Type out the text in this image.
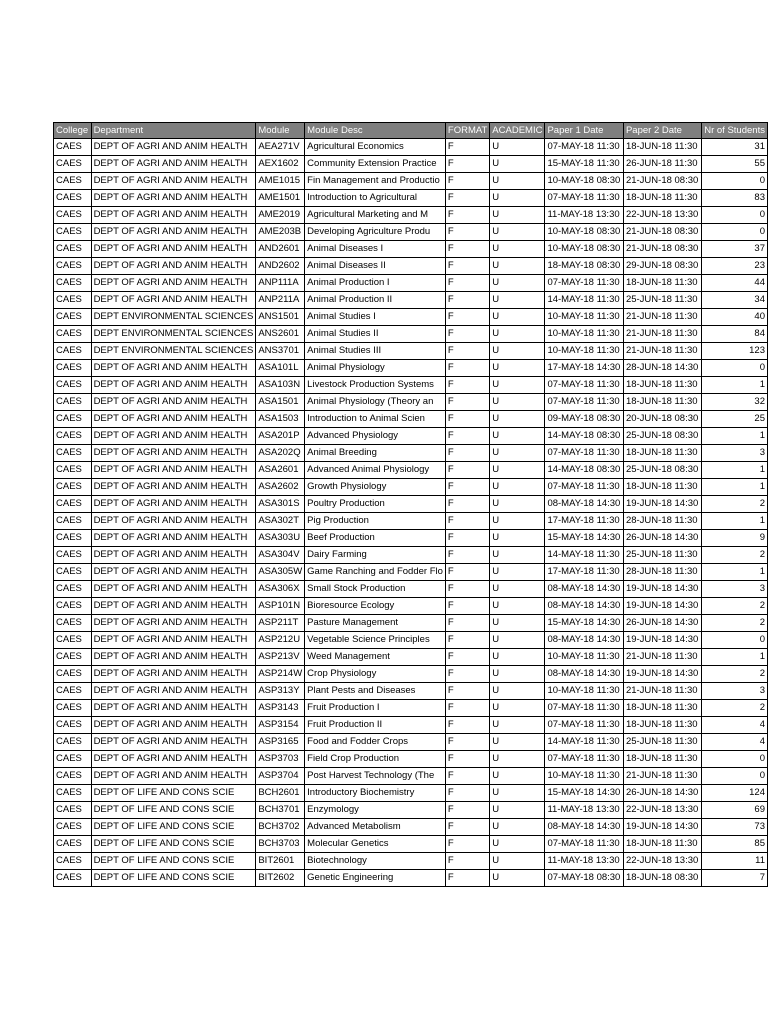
College	Department	Module	Module Desc	FORMAT	ACADEMIC	Paper 1 Date	Paper 2 Date	Nr of Students
CAES	DEPT OF AGRI AND ANIM HEALTH	AEA271V	Agricultural Economics	F	U	07-MAY-18 11:30	18-JUN-18 11:30	31
CAES	DEPT OF AGRI AND ANIM HEALTH	AEX1602	Community Extension Practice	F	U	15-MAY-18 11:30	26-JUN-18 11:30	55
CAES	DEPT OF AGRI AND ANIM HEALTH	AME1015	Fin Management and Productio	F	U	10-MAY-18 08:30	21-JUN-18 08:30	0
CAES	DEPT OF AGRI AND ANIM HEALTH	AME1501	Introduction to Agricultural	F	U	07-MAY-18 11:30	18-JUN-18 11:30	83
CAES	DEPT OF AGRI AND ANIM HEALTH	AME2019	Agricultural Marketing and M	F	U	11-MAY-18 13:30	22-JUN-18 13:30	0
CAES	DEPT OF AGRI AND ANIM HEALTH	AME203B	Developing Agriculture Produ	F	U	10-MAY-18 08:30	21-JUN-18 08:30	0
CAES	DEPT OF AGRI AND ANIM HEALTH	AND2601	Animal Diseases I	F	U	10-MAY-18 08:30	21-JUN-18 08:30	37
CAES	DEPT OF AGRI AND ANIM HEALTH	AND2602	Animal Diseases II	F	U	18-MAY-18 08:30	29-JUN-18 08:30	23
CAES	DEPT OF AGRI AND ANIM HEALTH	ANP111A	Animal Production I	F	U	07-MAY-18 11:30	18-JUN-18 11:30	44
CAES	DEPT OF AGRI AND ANIM HEALTH	ANP211A	Animal Production II	F	U	14-MAY-18 11:30	25-JUN-18 11:30	34
CAES	DEPT ENVIRONMENTAL SCIENCES	ANS1501	Animal Studies I	F	U	10-MAY-18 11:30	21-JUN-18 11:30	40
CAES	DEPT ENVIRONMENTAL SCIENCES	ANS2601	Animal Studies II	F	U	10-MAY-18 11:30	21-JUN-18 11:30	84
CAES	DEPT ENVIRONMENTAL SCIENCES	ANS3701	Animal Studies III	F	U	10-MAY-18 11:30	21-JUN-18 11:30	123
CAES	DEPT OF AGRI AND ANIM HEALTH	ASA101L	Animal Physiology	F	U	17-MAY-18 14:30	28-JUN-18 14:30	0
CAES	DEPT OF AGRI AND ANIM HEALTH	ASA103N	Livestock Production Systems	F	U	07-MAY-18 11:30	18-JUN-18 11:30	1
CAES	DEPT OF AGRI AND ANIM HEALTH	ASA1501	Animal Physiology (Theory an	F	U	07-MAY-18 11:30	18-JUN-18 11:30	32
CAES	DEPT OF AGRI AND ANIM HEALTH	ASA1503	Introduction to Animal Scien	F	U	09-MAY-18 08:30	20-JUN-18 08:30	25
CAES	DEPT OF AGRI AND ANIM HEALTH	ASA201P	Advanced Physiology	F	U	14-MAY-18 08:30	25-JUN-18 08:30	1
CAES	DEPT OF AGRI AND ANIM HEALTH	ASA202Q	Animal Breeding	F	U	07-MAY-18 11:30	18-JUN-18 11:30	3
CAES	DEPT OF AGRI AND ANIM HEALTH	ASA2601	Advanced Animal Physiology	F	U	14-MAY-18 08:30	25-JUN-18 08:30	1
CAES	DEPT OF AGRI AND ANIM HEALTH	ASA2602	Growth Physiology	F	U	07-MAY-18 11:30	18-JUN-18 11:30	1
CAES	DEPT OF AGRI AND ANIM HEALTH	ASA301S	Poultry Production	F	U	08-MAY-18 14:30	19-JUN-18 14:30	2
CAES	DEPT OF AGRI AND ANIM HEALTH	ASA302T	Pig Production	F	U	17-MAY-18 11:30	28-JUN-18 11:30	1
CAES	DEPT OF AGRI AND ANIM HEALTH	ASA303U	Beef Production	F	U	15-MAY-18 14:30	26-JUN-18 14:30	9
CAES	DEPT OF AGRI AND ANIM HEALTH	ASA304V	Dairy Farming	F	U	14-MAY-18 11:30	25-JUN-18 11:30	2
CAES	DEPT OF AGRI AND ANIM HEALTH	ASA305W	Game Ranching and Fodder Flo	F	U	17-MAY-18 11:30	28-JUN-18 11:30	1
CAES	DEPT OF AGRI AND ANIM HEALTH	ASA306X	Small Stock Production	F	U	08-MAY-18 14:30	19-JUN-18 14:30	3
CAES	DEPT OF AGRI AND ANIM HEALTH	ASP101N	Bioresource Ecology	F	U	08-MAY-18 14:30	19-JUN-18 14:30	2
CAES	DEPT OF AGRI AND ANIM HEALTH	ASP211T	Pasture Management	F	U	15-MAY-18 14:30	26-JUN-18 14:30	2
CAES	DEPT OF AGRI AND ANIM HEALTH	ASP212U	Vegetable Science Principles	F	U	08-MAY-18 14:30	19-JUN-18 14:30	0
CAES	DEPT OF AGRI AND ANIM HEALTH	ASP213V	Weed Management	F	U	10-MAY-18 11:30	21-JUN-18 11:30	1
CAES	DEPT OF AGRI AND ANIM HEALTH	ASP214W	Crop Physiology	F	U	08-MAY-18 14:30	19-JUN-18 14:30	2
CAES	DEPT OF AGRI AND ANIM HEALTH	ASP313Y	Plant Pests and Diseases	F	U	10-MAY-18 11:30	21-JUN-18 11:30	3
CAES	DEPT OF AGRI AND ANIM HEALTH	ASP3143	Fruit Production I	F	U	07-MAY-18 11:30	18-JUN-18 11:30	2
CAES	DEPT OF AGRI AND ANIM HEALTH	ASP3154	Fruit Production II	F	U	07-MAY-18 11:30	18-JUN-18 11:30	4
CAES	DEPT OF AGRI AND ANIM HEALTH	ASP3165	Food and Fodder Crops	F	U	14-MAY-18 11:30	25-JUN-18 11:30	4
CAES	DEPT OF AGRI AND ANIM HEALTH	ASP3703	Field Crop Production	F	U	07-MAY-18 11:30	18-JUN-18 11:30	0
CAES	DEPT OF AGRI AND ANIM HEALTH	ASP3704	Post Harvest Technology (The	F	U	10-MAY-18 11:30	21-JUN-18 11:30	0
CAES	DEPT OF LIFE AND CONS SCIE	BCH2601	Introductory Biochemistry	F	U	15-MAY-18 14:30	26-JUN-18 14:30	124
CAES	DEPT OF LIFE AND CONS SCIE	BCH3701	Enzymology	F	U	11-MAY-18 13:30	22-JUN-18 13:30	69
CAES	DEPT OF LIFE AND CONS SCIE	BCH3702	Advanced Metabolism	F	U	08-MAY-18 14:30	19-JUN-18 14:30	73
CAES	DEPT OF LIFE AND CONS SCIE	BCH3703	Molecular Genetics	F	U	07-MAY-18 11:30	18-JUN-18 11:30	85
CAES	DEPT OF LIFE AND CONS SCIE	BIT2601	Biotechnology	F	U	11-MAY-18 13:30	22-JUN-18 13:30	11
CAES	DEPT OF LIFE AND CONS SCIE	BIT2602	Genetic Engineering	F	U	07-MAY-18 08:30	18-JUN-18 08:30	7
